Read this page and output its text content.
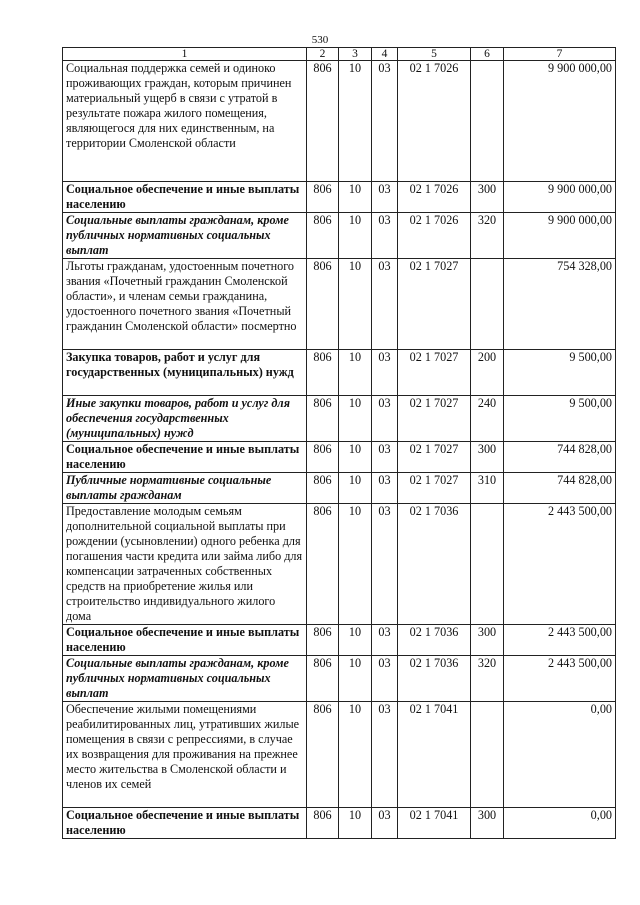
530
1	2	3	4	5	6	7
Социальная поддержка семей и одиноко проживающих граждан, которым причинен материальный ущерб в связи с утратой в результате пожара жилого помещения, являющегося для них единственным, на территории Смоленской области	806	10	03	02 1 7026		9 900 000,00
Социальное обеспечение и иные выплаты населению	806	10	03	02 1 7026	300	9 900 000,00
Социальные выплаты гражданам, кроме публичных нормативных социальных выплат	806	10	03	02 1 7026	320	9 900 000,00
Льготы гражданам, удостоенным почетного звания «Почетный гражданин Смоленской области», и членам семьи гражданина, удостоенного почетного звания «Почетный гражданин Смоленской области» посмертно	806	10	03	02 1 7027		754 328,00
Закупка товаров, работ и услуг для государственных (муниципальных) нужд	806	10	03	02 1 7027	200	9 500,00
Иные закупки товаров, работ и услуг для обеспечения государственных (муниципальных) нужд	806	10	03	02 1 7027	240	9 500,00
Социальное обеспечение и иные выплаты населению	806	10	03	02 1 7027	300	744 828,00
Публичные нормативные социальные выплаты гражданам	806	10	03	02 1 7027	310	744 828,00
Предоставление молодым семьям дополнительной социальной выплаты при рождении (усыновлении) одного ребенка для погашения части кредита или займа либо для компенсации затраченных собственных средств на приобретение жилья или строительство индивидуального жилого дома	806	10	03	02 1 7036		2 443 500,00
Социальное обеспечение и иные выплаты населению	806	10	03	02 1 7036	300	2 443 500,00
Социальные выплаты гражданам, кроме публичных нормативных социальных выплат	806	10	03	02 1 7036	320	2 443 500,00
Обеспечение жилыми помещениями реабилитированных лиц, утративших жилые помещения в связи с репрессиями, в случае их возвращения для проживания на прежнее место жительства в Смоленской области и членов их семей	806	10	03	02 1 7041		0,00
Социальное обеспечение и иные выплаты населению	806	10	03	02 1 7041	300	0,00
